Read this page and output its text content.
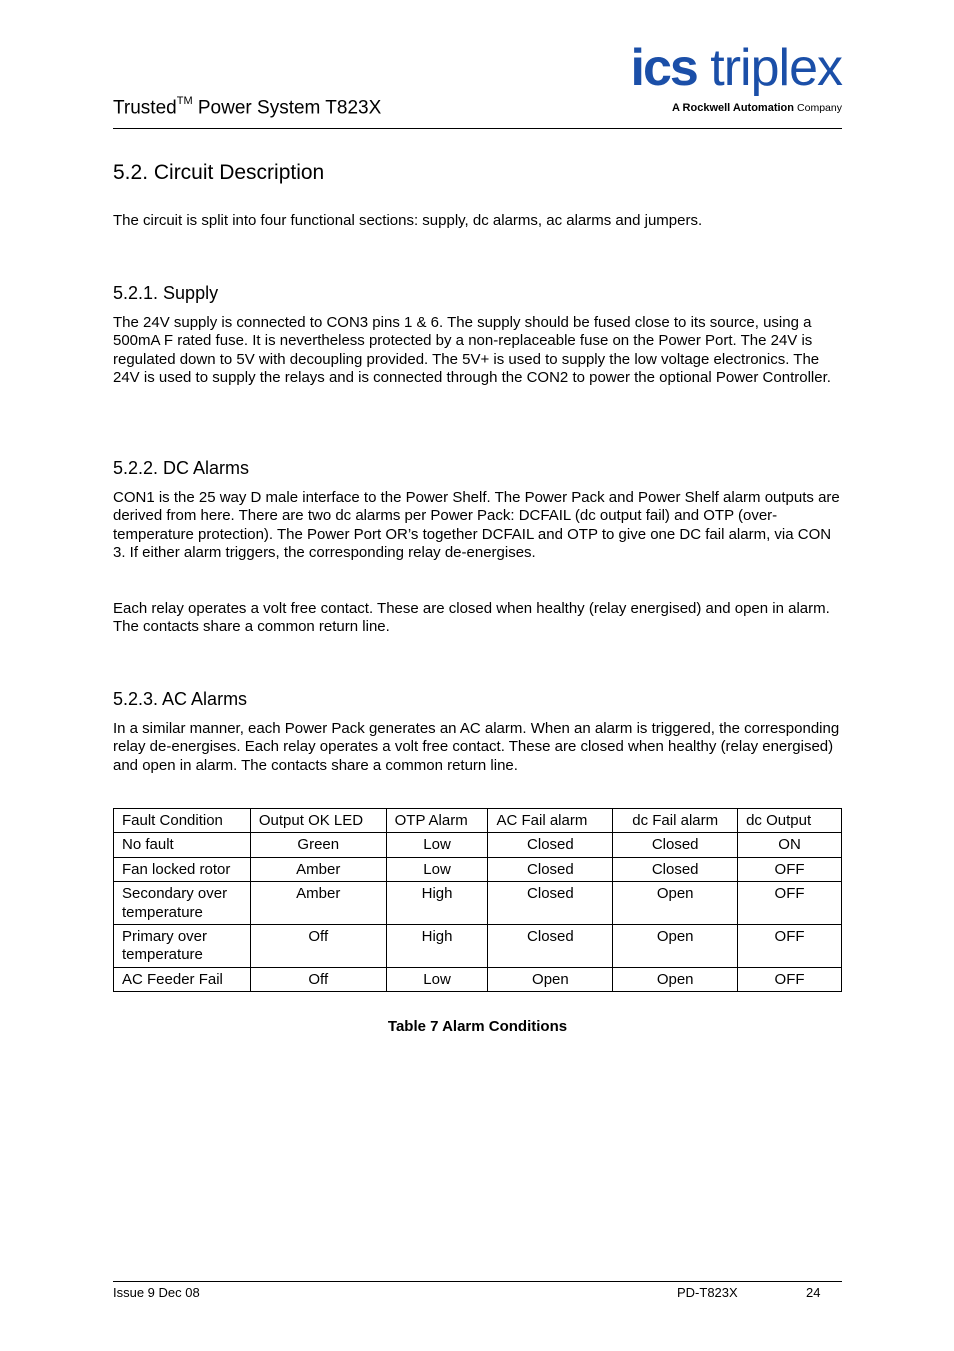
Trusted™ Power System T823X
ics triplex
A Rockwell Automation Company
5.2. Circuit Description

The circuit is split into four functional sections: supply, dc alarms, ac alarms and jumpers.

5.2.1. Supply

The 24V supply is connected to CON3 pins 1 & 6. The supply should be fused close to its source, using a 500mA F rated fuse. It is nevertheless protected by a non-replaceable fuse on the Power Port. The 24V is regulated down to 5V with decoupling provided. The 5V+ is used to supply the low voltage electronics. The 24V is used to supply the relays and is connected through the CON2 to power the optional Power Controller.

5.2.2. DC Alarms

CON1 is the 25 way D male interface to the Power Shelf. The Power Pack and Power Shelf alarm outputs are derived from here. There are two dc alarms per Power Pack: DCFAIL (dc output fail) and OTP (over-temperature protection). The Power Port OR’s together DCFAIL and OTP to give one DC fail alarm, via CON 3. If either alarm triggers, the corresponding relay de-energises.

Each relay operates a volt free contact. These are closed when healthy (relay energised) and open in alarm. The contacts share a common return line.

5.2.3. AC Alarms

In a similar manner, each Power Pack generates an AC alarm. When an alarm is triggered, the corresponding relay de-energises. Each relay operates a volt free contact. These are closed when healthy (relay energised) and open in alarm. The contacts share a common return line.

Fault Condition	Output OK LED	OTP Alarm	AC Fail alarm	dc Fail alarm	dc Output
No fault	Green	Low	Closed	Closed	ON
Fan locked rotor	Amber	Low	Closed	Closed	OFF
Secondary over temperature	Amber	High	Closed	Open	OFF
Primary over temperature	Off	High	Closed	Open	OFF
AC Feeder Fail	Off	Low	Open	Open	OFF
Table 7 Alarm Conditions
Issue 9 Dec 08	PD-T823X	24
